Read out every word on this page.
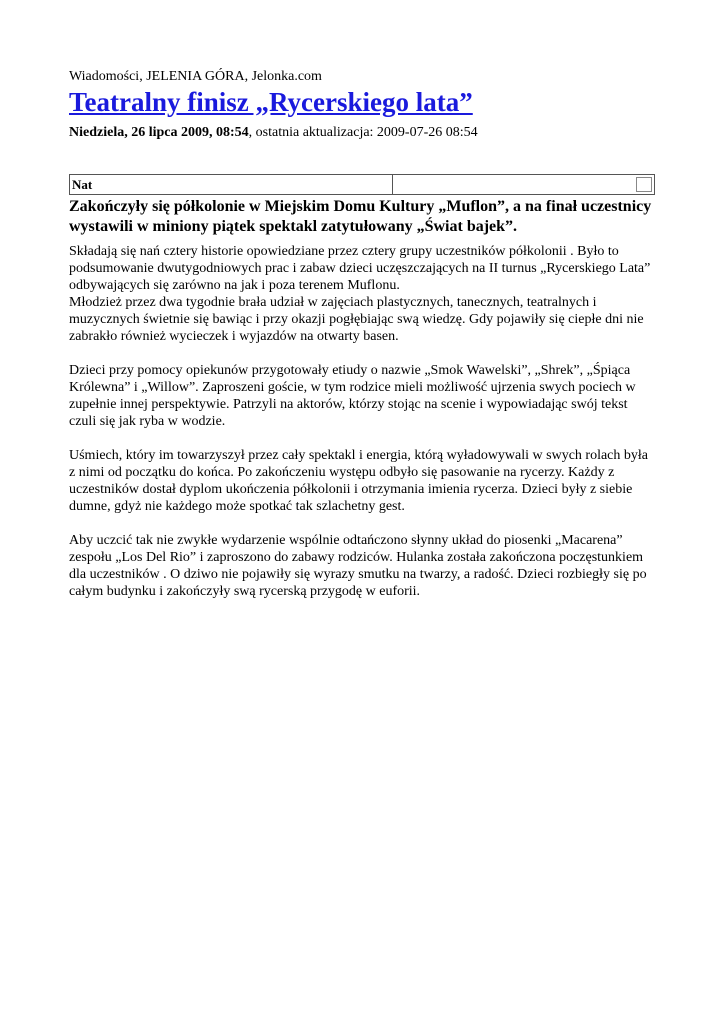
Wiadomości, JELENIA GÓRA, Jelonka.com
Teatralny finisz „Rycerskiego lata”
Niedziela, 26 lipca 2009, 08:54, ostatnia aktualizacja: 2009-07-26 08:54
Nat
Zakończyły się półkolonie w Miejskim Domu Kultury „Muflon”, a na finał uczestnicy wystawili w miniony piątek spektakl zatytułowany „Świat bajek”.

Składają się nań cztery historie opowiedziane przez cztery grupy uczestników półkolonii . Było to podsumowanie dwutygodniowych prac i zabaw dzieci uczęszczających na II turnus „Rycerskiego Lata” odbywających się zarówno na jak i poza terenem Muflonu.

Młodzież przez dwa tygodnie brała udział w zajęciach plastycznych, tanecznych, teatralnych i muzycznych świetnie się bawiąc i przy okazji pogłębiając swą wiedzę. Gdy pojawiły się ciepłe dni nie zabrakło również wycieczek i wyjazdów na otwarty basen.

Dzieci przy pomocy opiekunów przygotowały etiudy o nazwie „Smok Wawelski”, „Shrek”, „Śpiąca Królewna” i „Willow”. Zaproszeni goście, w tym rodzice mieli możliwość ujrzenia swych pociech w zupełnie innej perspektywie. Patrzyli na aktorów, którzy stojąc na scenie i wypowiadając swój tekst czuli się jak ryba w wodzie.

Uśmiech, który im towarzyszył przez cały spektakl i energia, którą wyładowywali w swych rolach była z nimi od początku do końca. Po zakończeniu występu odbyło się pasowanie na rycerzy. Każdy z uczestników dostał dyplom ukończenia półkolonii i otrzymania imienia rycerza. Dzieci były z siebie dumne, gdyż nie każdego może spotkać tak szlachetny gest.

Aby uczcić tak nie zwykłe wydarzenie wspólnie odtańczono słynny układ do piosenki „Macarena” zespołu „Los Del Rio” i zaproszono do zabawy rodziców. Hulanka została zakończona poczęstunkiem dla uczestników . O dziwo nie pojawiły się wyrazy smutku na twarzy, a radość. Dzieci rozbiegły się po całym budynku i zakończyły swą rycerską przygodę w euforii.
